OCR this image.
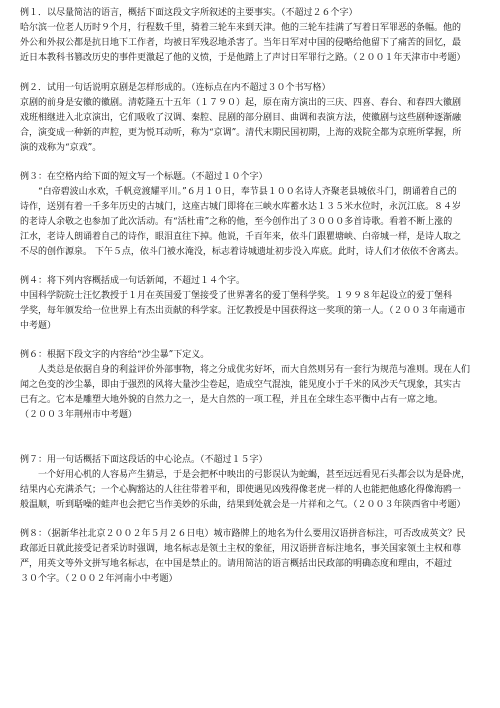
例１．以尽量简洁的语言，概括下面这段文字所叙述的主要事实。（不超过２６个字）
哈尔滨一位老人历时９个月，行程数千里，骑着三轮车来到天津。他的三轮车挂满了写着日军罪恶的条幅。他的
外公和外叔公都是抗日地下工作者，均被日军残忍地杀害了。当年日军对中国的侵略给他留下了痛苦的回忆，最
近日本教科书篡改历史的事件更激起了他的义愤，于是他踏上了声讨日军罪行之路。（２００１年天津市中考题）
例２．试用一句话说明京剧是怎样形成的。（连标点在内不超过３０个书写格）
京剧的前身是安徽的徽剧。清乾隆五十五年（１７９０）起，原在南方演出的三庆、四喜、春台、和春四大徽剧
戏班相继进入北京演出，它们吸收了汉调、秦腔、昆剧的部分剧目、曲调和表演方法，使徽剧与这些剧种逐渐融
合，演变成一种新的声腔，更为悦耳动听，称为“京调”。清代末期民国初期，上海的戏院全都为京班所掌握，所
演的戏称为“京戏”。
例３：在空格内给下面的短文写一个标题。（不超过１０个字）
“白帝碧波山水欢，千帆竞渡耀平川。”６月１０日，奉节县１００名诗人齐聚老县城依斗门，朗诵着自己的
诗作，送别有着一千多年历史的古城门，这座古城门即将在三峡水库蓄水达１３５米水位时，永沉江底。８４岁
的老诗人余敬之也参加了此次活动。有“活杜甫”之称的他，至今创作出了３０００多首诗歌。看着不断上涨的
江水，老诗人朗诵着自己的诗作，眼泪直往下掉。他说，千百年来，依斗门跟瞿塘峡、白帝城一样，是诗人取之
不尽的创作源泉。 下午５点，依斗门被水淹没，标志着诗城遗址初步没入库底。此时，诗人们才依依不舍离去。
例４：将下列内容概括成一句话新闻，不超过１４个字。
中国科学院院士汪忆教授于１月在英国爱丁堡接受了世界著名的爱丁堡科学奖。１９９８年起设立的爱丁堡科
学奖，每年颁发给一位世界上有杰出贡献的科学家。汪忆教授是中国获得这一奖项的第一人。（２００３年南通市
中考题）
例６：根据下段文字的内容给“沙尘暴”下定义。
人类总是依据自身的利益评价外部事物，将之分成优劣好坏，而大自然则另有一套行为规范与准则。现在人们
闻之色变的沙尘暴，即由于强烈的风将大量沙尘卷起，造成空气混浊，能见度小于千米的风沙天气现象，其实古
已有之。它本是雕塑大地外貌的自然力之一，是大自然的一项工程，并且在全球生态平衡中占有一席之地。
（２００３年荆州市中考题）
例７：用一句话概括下面这段话的中心论点。（不超过１５字）
一个好用心机的人容易产生猜忌，于是会把杯中映出的弓影误认为蛇蝎，甚至远远看见石头都会以为是卧虎，
结果内心充满杀气；一个心胸豁达的人往往带着平和，即使遇见凶残得像老虎一样的人也能把他感化得像海鸥一
般温顺，听到聒噪的蛙声也会把它当作美妙的乐曲，结果到处就会是一片祥和之气。（２００３年陕西省中考题）
例８：（据新华社北京２００２年５月２６日电）城市路牌上的地名为什么要用汉语拼音标注，可否改成英文？民
政部近日就此接受记者采访时强调，地名标志是领土主权的象征，用汉语拼音标注地名，事关国家领土主权和尊
严，用英文等外文拼写地名标志，在中国是禁止的。请用简洁的语言概括出民政部的明确态度和理由，不超过
３０个字。（２００２年河南小中考题）
